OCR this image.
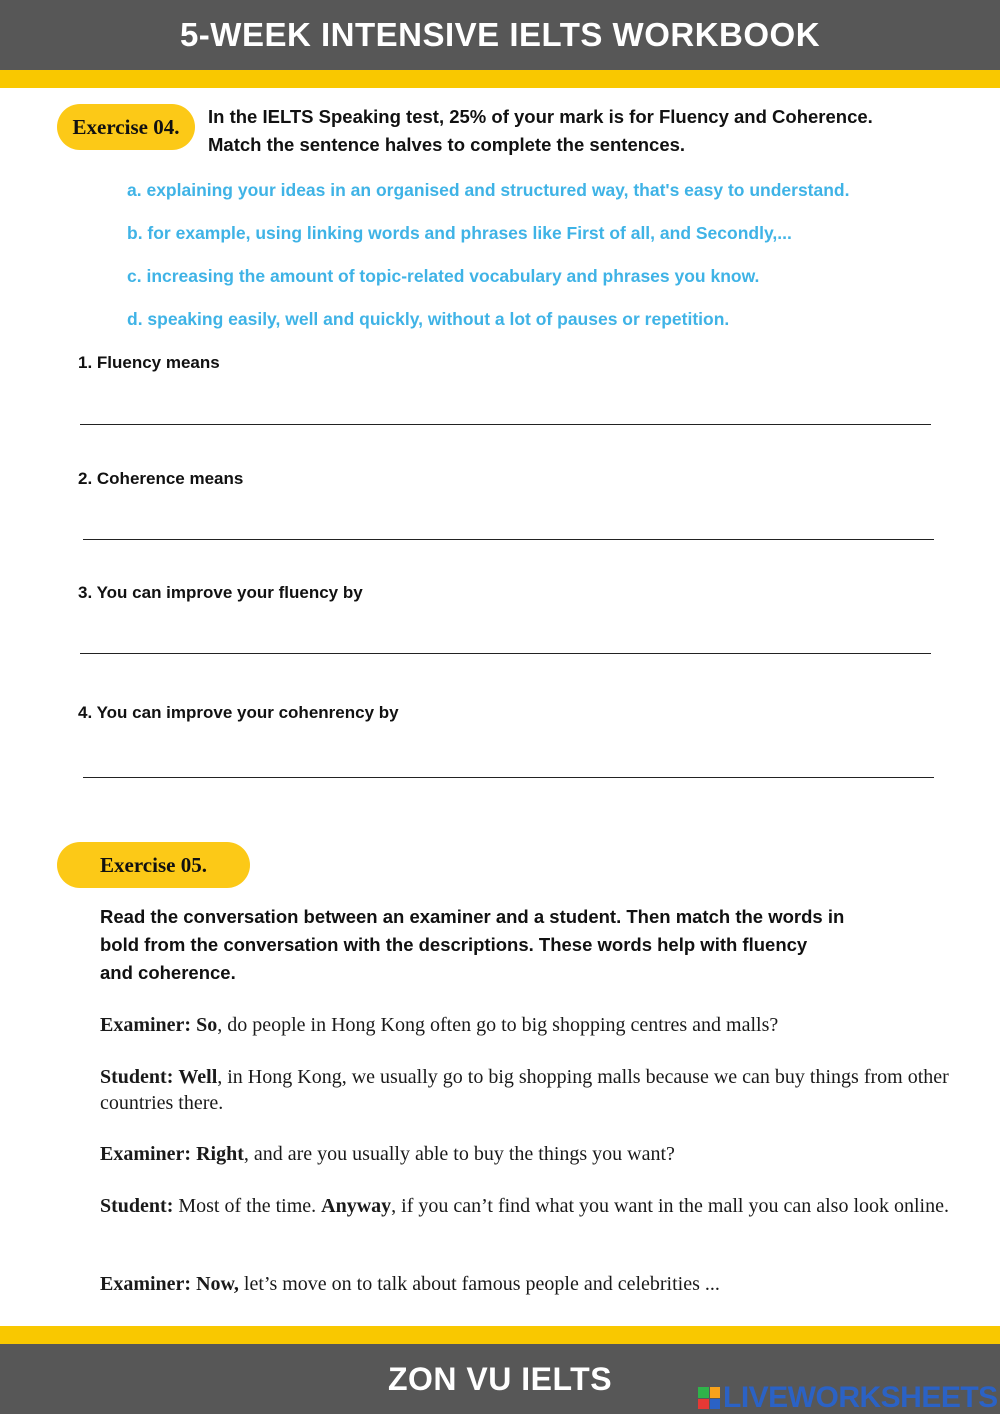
5-WEEK INTENSIVE IELTS WORKBOOK
Exercise 04.	In the IELTS Speaking test, 25% of your mark is for Fluency and Coherence.
Match the sentence halves to complete the sentences.
a. explaining your ideas in an organised and structured way, that's easy to understand.
b. for example, using linking words and phrases like First of all, and Secondly,...
c. increasing the amount of topic-related vocabulary and phrases you know.
d. speaking easily, well and quickly, without a lot of pauses or repetition.
1. Fluency means
2. Coherence means
3. You can improve your fluency by
4. You can improve your cohenrency by
Exercise 05.
Read the conversation between an examiner and a student. Then match the words in
bold from the conversation with the descriptions. These words help with fluency
and coherence.
Examiner: So, do people in Hong Kong often go to big shopping centres and malls?
Student: Well, in Hong Kong, we usually go to big shopping malls because we can buy things from other countries there.
Examiner: Right, and are you usually able to buy the things you want?
Student: Most of the time. Anyway, if you can’t find what you want in the mall you can also look online.
Examiner: Now, let’s move on to talk about famous people and celebrities ...
ZON VU IELTS
LIVEWORKSHEETS
